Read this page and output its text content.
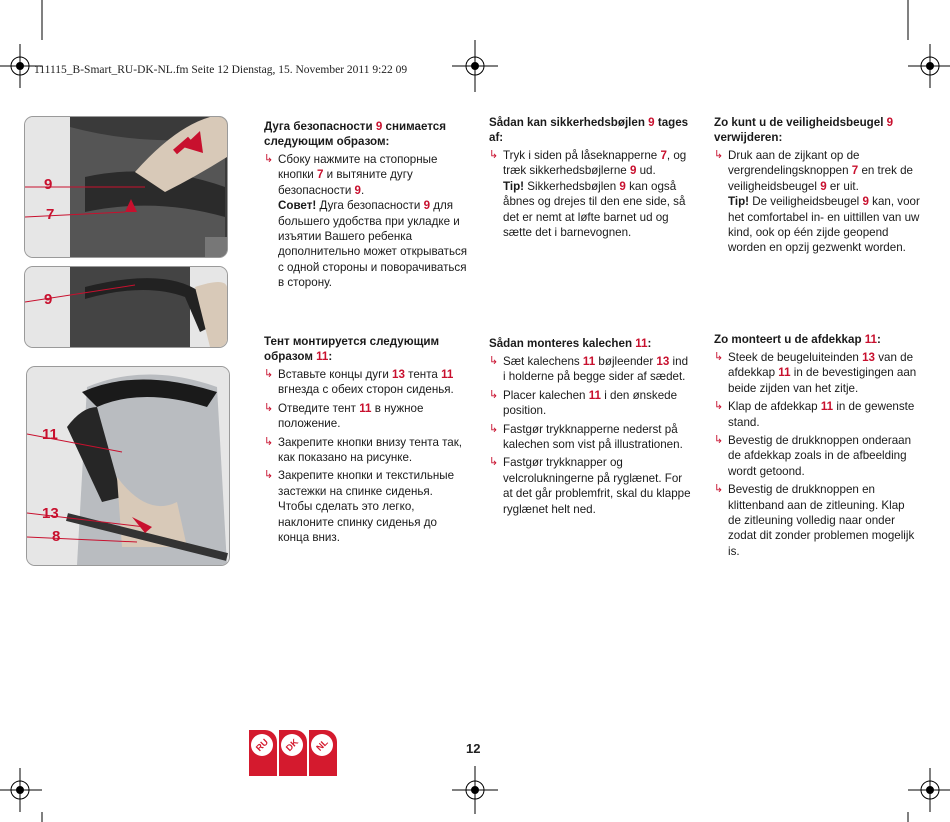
111115_B-Smart_RU-DK-NL.fm Seite 12 Dienstag, 15. November 2011 9:22 09
9
7
9
11
13
8
Дуга безопасности 9 снимается следующим образом:
↳ Сбоку нажмите на стопорные кнопки 7 и вытяните дугу безопасности 9.
Совет! Дуга безопасности 9 для большего удобства при укладке и изъятии Вашего ребенка дополнительно может открываться с одной стороны и поворачиваться в сторону.
Тент монтируется следующим образом 11:
↳ Вставьте концы дуги 13 тента 11 вгнезда с обеих сторон сиденья.
↳ Отведите тент 11 в нужное положение.
↳ Закрепите кнопки внизу тента так, как показано на рисунке.
↳ Закрепите кнопки и текстильные застежки на спинке сиденья. Чтобы сделать это легко, наклоните спинку сиденья до конца вниз.
Sådan kan sikkerhedsbøjlen 9 tages af:
↳ Tryk i siden på låseknapperne 7, og træk sikkerhedsbøjlerne 9 ud.
Tip! Sikkerhedsbøjlen 9 kan også åbnes og drejes til den ene side, så det er nemt at løfte barnet ud og sætte det i barnevognen.
Sådan monteres kalechen 11:
↳ Sæt kalechens 11 bøjleender 13 ind i holderne på begge sider af sædet.
↳ Placer kalechen 11 i den ønskede position.
↳ Fastgør trykknapperne nederst på kalechen som vist på illustrationen.
↳ Fastgør trykknapper og velcrolukningerne på ryglænet. For at det går problemfrit, skal du klappe ryglænet helt ned.
Zo kunt u de veiligheidsbeugel 9 verwijderen:
↳ Druk aan de zijkant op de vergrendelingsknoppen 7 en trek de veiligheidsbeugel 9 er uit.
Tip! De veiligheidsbeugel 9 kan, voor het comfortabel in- en uittillen van uw kind, ook op één zijde geopend worden en opzij gezwenkt worden.
Zo monteert u de afdekkap 11:
↳ Steek de beugeluiteinden 13 van de afdekkap 11 in de bevestigingen aan beide zijden van het zitje.
↳ Klap de afdekkap 11 in de gewenste stand.
↳ Bevestig de drukknoppen onderaan de afdekkap zoals in de afbeelding wordt getoond.
↳ Bevestig de drukknoppen en klittenband aan de zitleuning. Klap de zitleuning volledig naar onder zodat dit zonder problemen mogelijk is.
RU	DK	NL	12
